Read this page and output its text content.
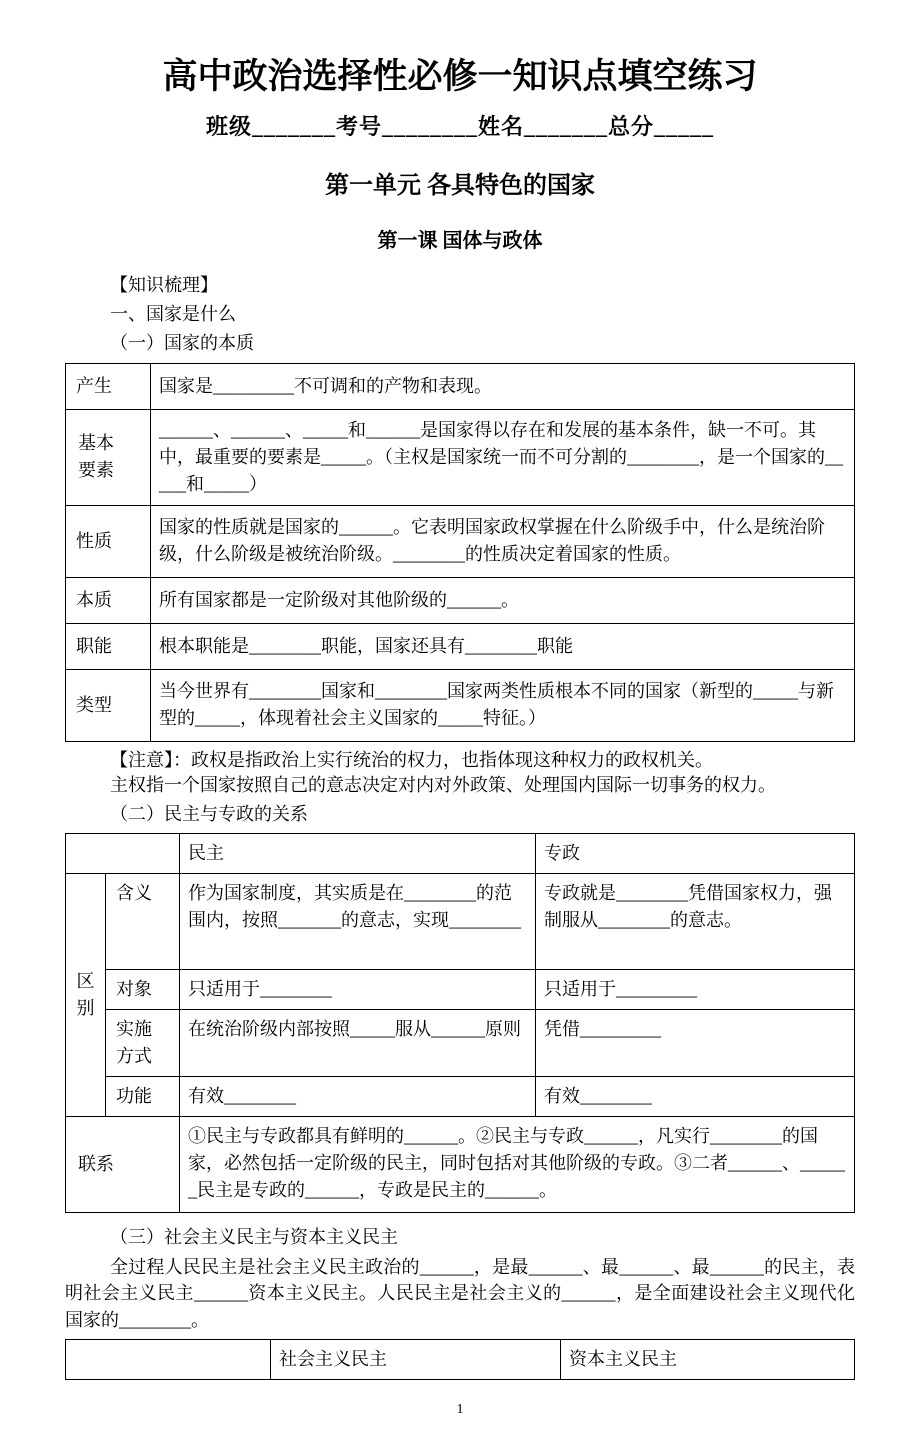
高中政治选择性必修一知识点填空练习

班级_______考号________姓名_______总分_____

第一单元 各具特色的国家
第一课 国体与政体

【知识梳理】

一、国家是什么

（一）国家的本质

产生	国家是_________不可调和的产物和表现。
基本要素	______、______、_____和______是国家得以存在和发展的基本条件，缺一不可。其中，最重要的要素是_____。（主权是国家统一而不可分割的________，是一个国家的_____和_____）
性质	国家的性质就是国家的______。它表明国家政权掌握在什么阶级手中，什么是统治阶级，什么阶级是被统治阶级。________的性质决定着国家的性质。
本质	所有国家都是一定阶级对其他阶级的______。
职能	根本职能是________职能，国家还具有________职能
类型	当今世界有________国家和________国家两类性质根本不同的国家（新型的_____与新型的_____，体现着社会主义国家的_____特征。）

【注意】：政权是指政治上实行统治的权力，也指体现这种权力的政权机关。

主权指一个国家按照自己的意志决定对内对外政策、处理国内国际一切事务的权力。

（二）民主与专政的关系

		民主	专政
区别	含义	作为国家制度，其实质是在________的范围内，按照_______的意志，实现________	专政就是________凭借国家权力，强制服从________的意志。
	对象	只适用于________	只适用于_________
	实施方式	在统治阶级内部按照_____服从______原则	凭借_________
	功能	有效________	有效________
联系		①民主与专政都具有鲜明的______。②民主与专政______，凡实行________的国家，必然包括一定阶级的民主，同时包括对其他阶级的专政。③二者______、______民主是专政的______，专政是民主的______。	

（三）社会主义民主与资本主义民主

全过程人民民主是社会主义民主政治的______，是最______、最______、最______的民主，表明社会主义民主______资本主义民主。人民民主是社会主义的______，是全面建设社会主义现代化国家的________。

	社会主义民主	资本主义民主

1
